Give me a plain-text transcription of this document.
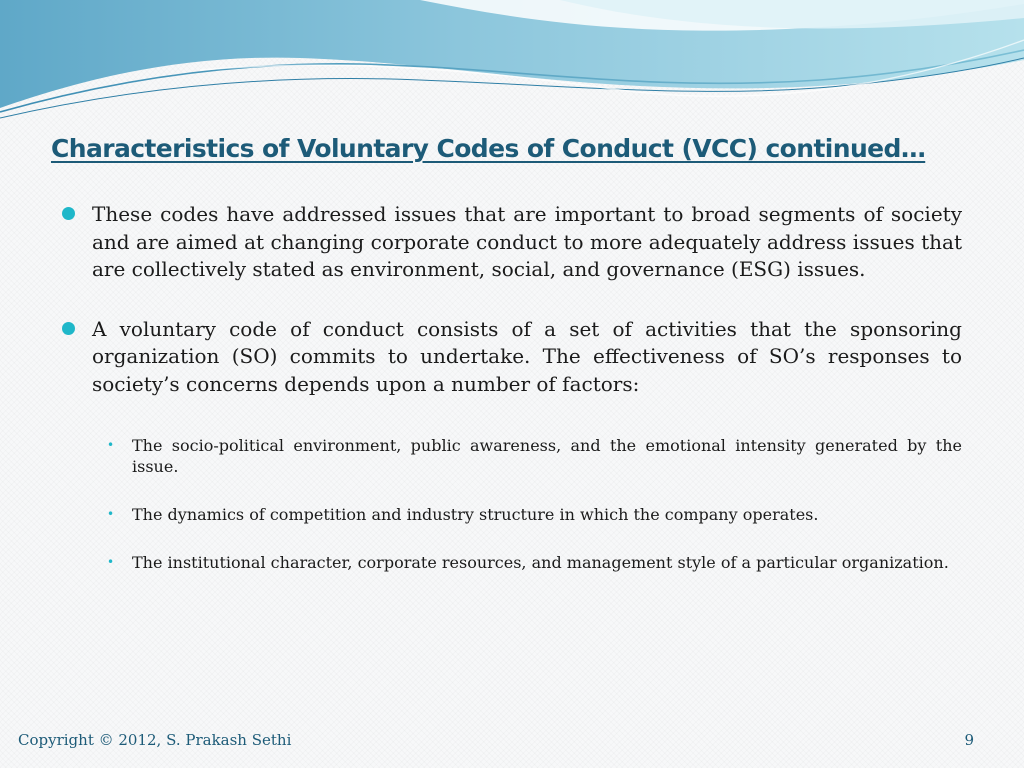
Characteristics of Voluntary Codes of Conduct (VCC) continued…

These codes have addressed issues that are important to broad segments of society and are aimed at changing corporate conduct to more adequately address issues that are collectively stated as environment, social, and governance (ESG) issues.

A voluntary code of conduct consists of a set of activities that the sponsoring organization (SO) commits to undertake. The effectiveness of SO’s responses to society’s concerns depends upon a number of factors:

• The socio-political environment, public awareness, and the emotional intensity generated by the issue.

• The dynamics of competition and industry structure in which the company operates.

• The institutional character, corporate resources, and management style of a particular organization.

Copyright © 2012, S. Prakash Sethi	9
